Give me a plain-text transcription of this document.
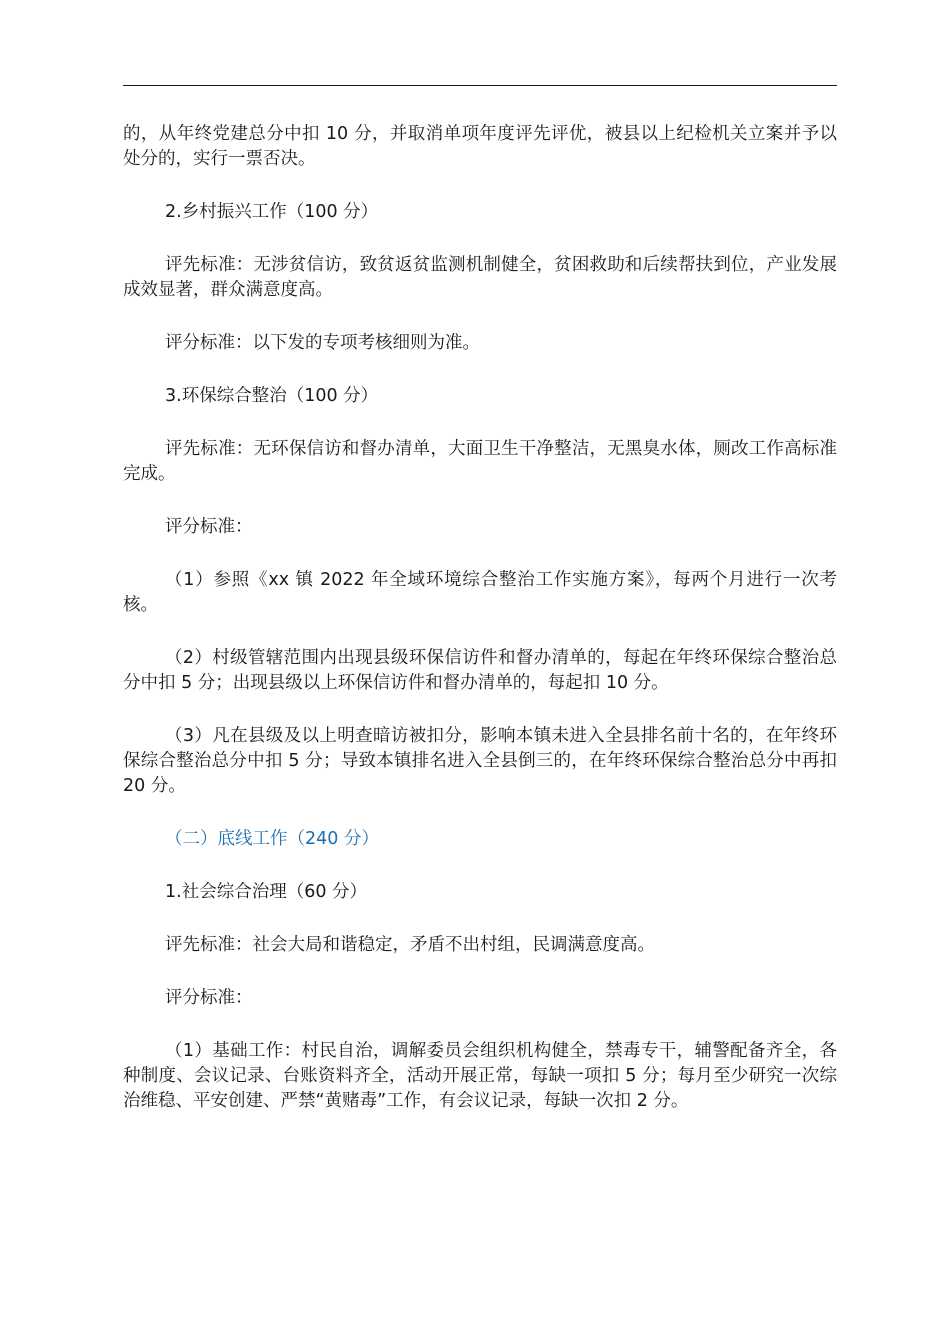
的，从年终党建总分中扣 10 分，并取消单项年度评先评优，被县以上纪检机关立案并予以处分的，实行一票否决。

2.乡村振兴工作（100 分）

评先标准：无涉贫信访，致贫返贫监测机制健全，贫困救助和后续帮扶到位，产业发展成效显著，群众满意度高。

评分标准：以下发的专项考核细则为准。

3.环保综合整治（100 分）

评先标准：无环保信访和督办清单，大面卫生干净整洁，无黑臭水体，厕改工作高标准完成。

评分标准：

（1）参照《xx 镇 2022 年全域环境综合整治工作实施方案》，每两个月进行一次考核。

（2）村级管辖范围内出现县级环保信访件和督办清单的，每起在年终环保综合整治总分中扣 5 分；出现县级以上环保信访件和督办清单的，每起扣 10 分。

（3）凡在县级及以上明查暗访被扣分，影响本镇未进入全县排名前十名的，在年终环保综合整治总分中扣 5 分；导致本镇排名进入全县倒三的，在年终环保综合整治总分中再扣 20 分。

（二）底线工作（240 分）

1.社会综合治理（60 分）

评先标准：社会大局和谐稳定，矛盾不出村组，民调满意度高。

评分标准：

（1）基础工作：村民自治，调解委员会组织机构健全，禁毒专干，辅警配备齐全，各种制度、会议记录、台账资料齐全，活动开展正常，每缺一项扣 5 分；每月至少研究一次综治维稳、平安创建、严禁“黄赌毒”工作，有会议记录，每缺一次扣 2 分。
